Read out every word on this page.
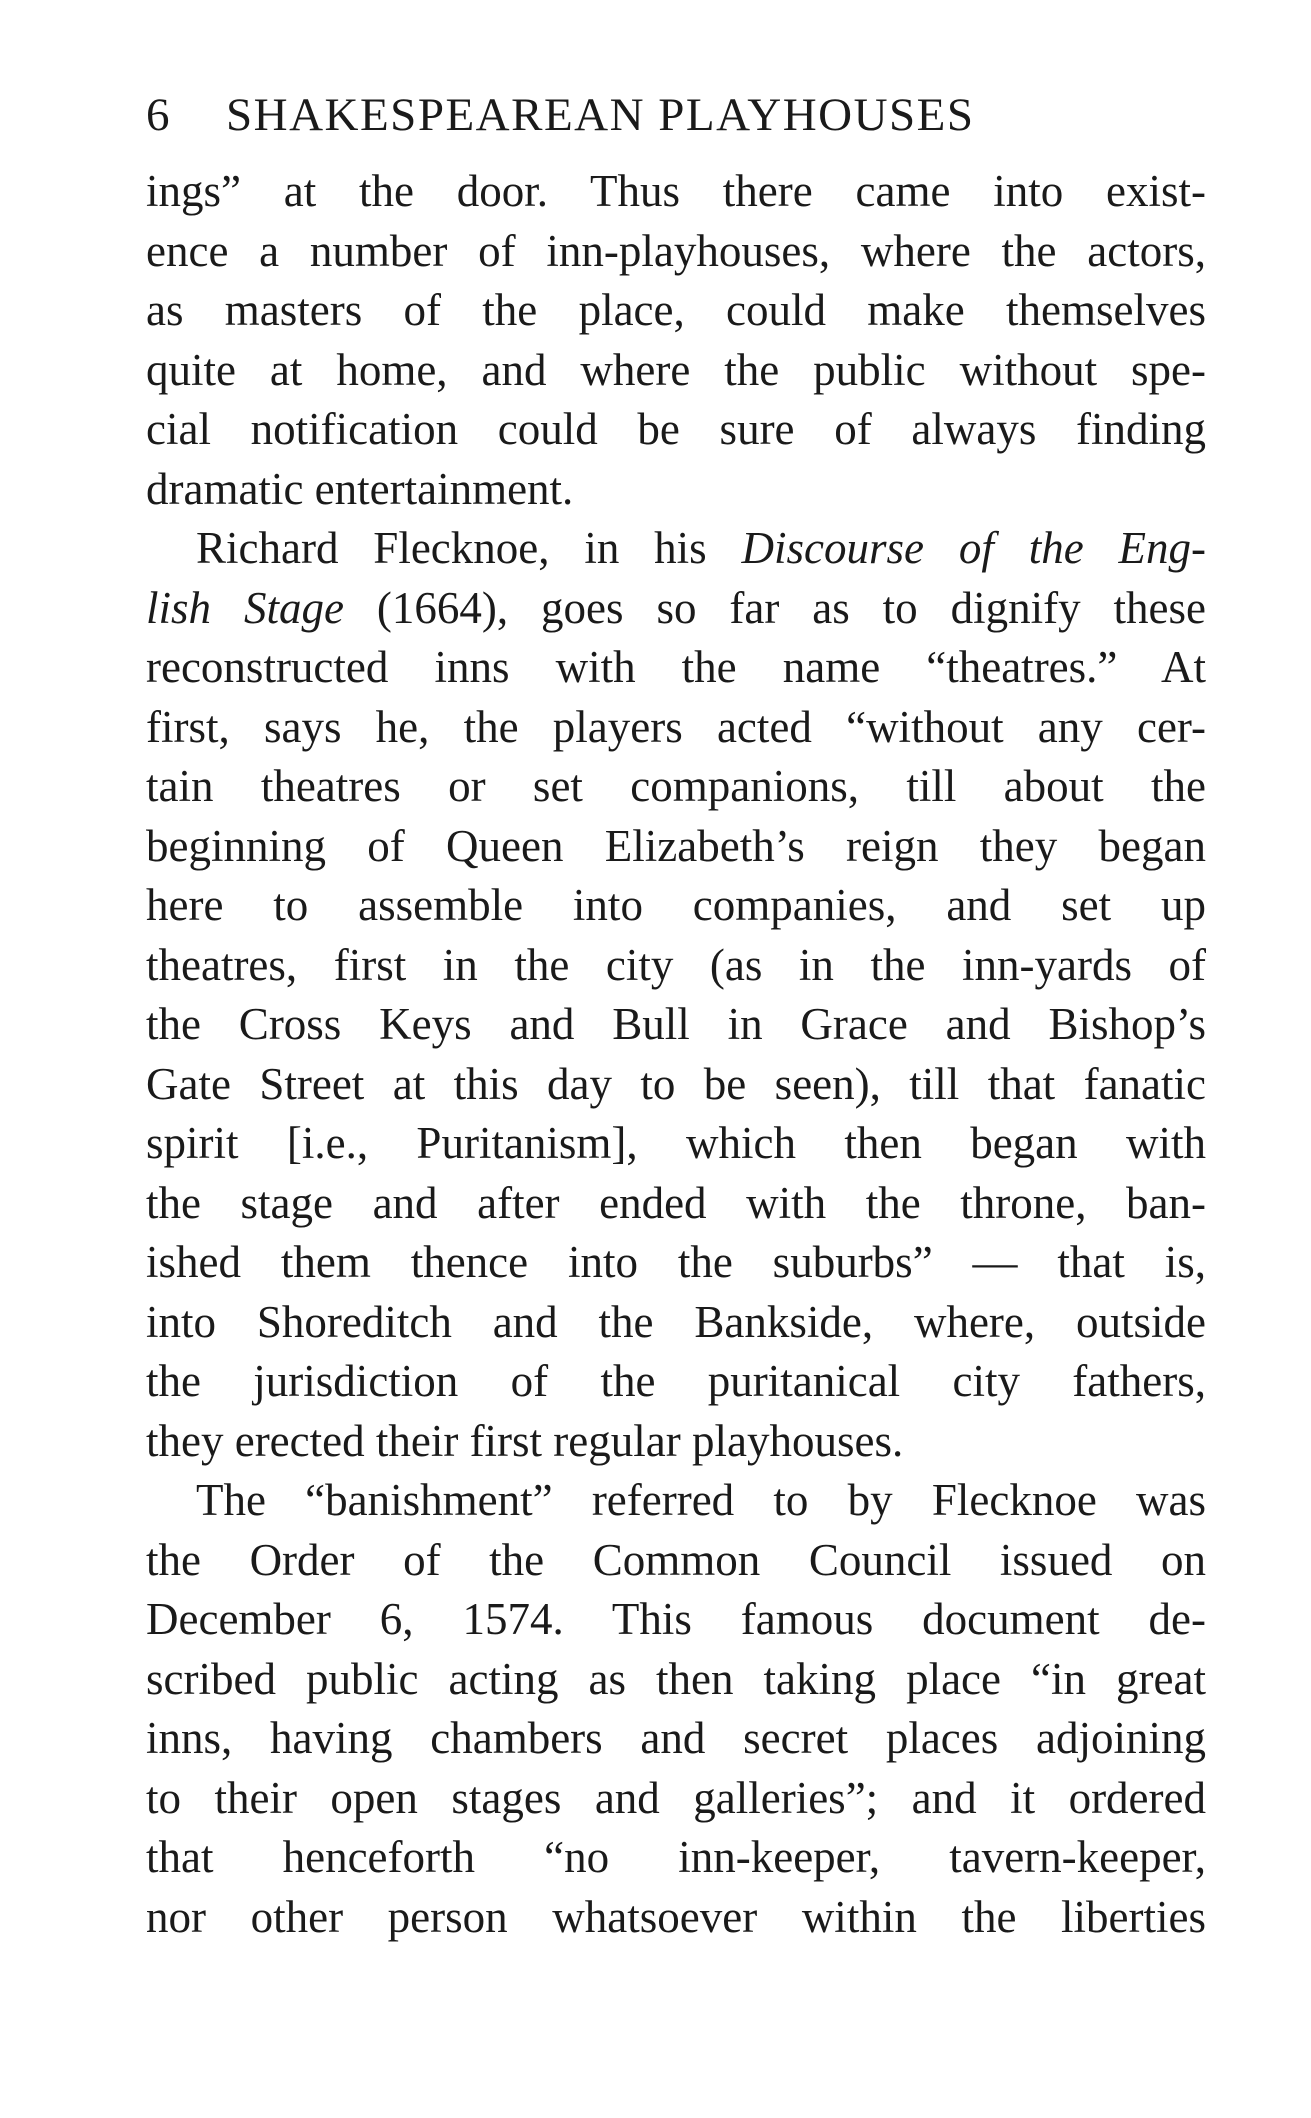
6	SHAKESPEAREAN PLAYHOUSES
ings” at the door. Thus there came into exist-
ence a number of inn-playhouses, where the actors,
as masters of the place, could make themselves
quite at home, and where the public without spe-
cial notification could be sure of always finding
dramatic entertainment.
Richard Flecknoe, in his Discourse of the Eng-
lish Stage (1664), goes so far as to dignify these
reconstructed inns with the name “theatres.” At
first, says he, the players acted “without any cer-
tain theatres or set companions, till about the
beginning of Queen Elizabeth’s reign they began
here to assemble into companies, and set up
theatres, first in the city (as in the inn-yards of
the Cross Keys and Bull in Grace and Bishop’s
Gate Street at this day to be seen), till that fanatic
spirit [i.e., Puritanism], which then began with
the stage and after ended with the throne, ban-
ished them thence into the suburbs” — that is,
into Shoreditch and the Bankside, where, outside
the jurisdiction of the puritanical city fathers,
they erected their first regular playhouses.
The “banishment” referred to by Flecknoe was
the Order of the Common Council issued on
December 6, 1574. This famous document de-
scribed public acting as then taking place “in great
inns, having chambers and secret places adjoining
to their open stages and galleries”; and it ordered
that henceforth “no inn-keeper, tavern-keeper,
nor other person whatsoever within the liberties
